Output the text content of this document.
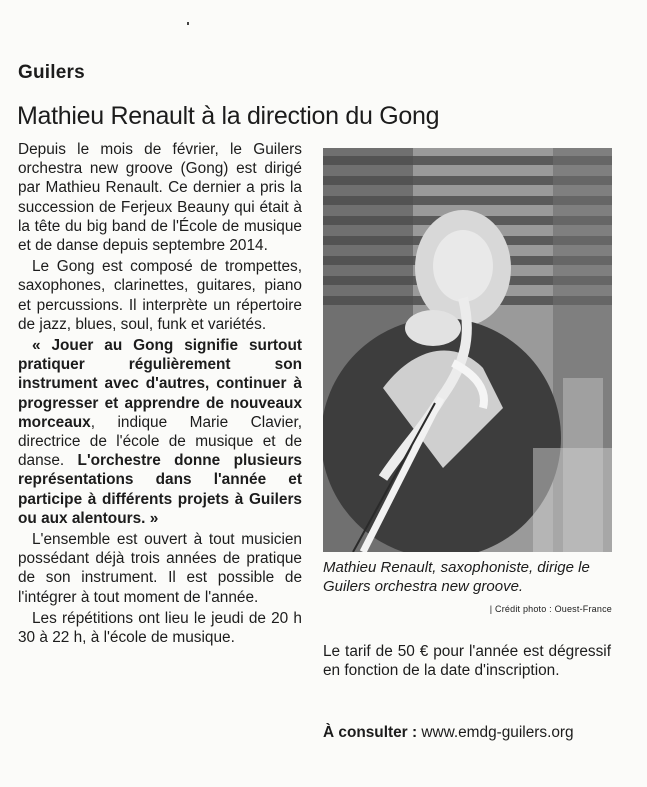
Guilers
Mathieu Renault à la direction du Gong

Depuis le mois de février, le Guilers orchestra new groove (Gong) est dirigé par Mathieu Renault. Ce dernier a pris la succession de Ferjeux Beauny qui était à la tête du big band de l'École de musique et de danse depuis septembre 2014.

Le Gong est composé de trompettes, saxophones, clarinettes, guitares, piano et percussions. Il interprète un répertoire de jazz, blues, soul, funk et variétés.

« Jouer au Gong signifie surtout pratiquer régulièrement son instrument avec d'autres, continuer à progresser et apprendre de nouveaux morceaux, indique Marie Clavier, directrice de l'école de musique et de danse. L'orchestre donne plusieurs représentations dans l'année et participe à différents projets à Guilers ou aux alentours. »

L'ensemble est ouvert à tout musicien possédant déjà trois années de pratique de son instrument. Il est possible de l'intégrer à tout moment de l'année.

Les répétitions ont lieu le jeudi de 20 h 30 à 22 h, à l'école de musique.

Mathieu Renault, saxophoniste, dirige le Guilers orchestra new groove.
| Crédit photo : Ouest-France

Le tarif de 50 € pour l'année est dégressif en fonction de la date d'inscription.

À consulter : www.emdg-guilers.org
